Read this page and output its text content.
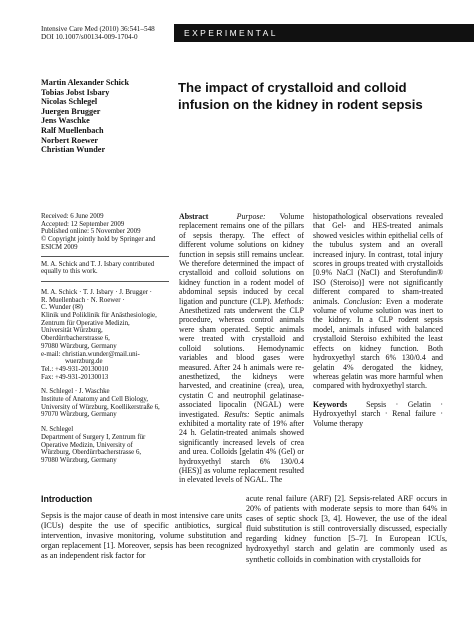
Intensive Care Med (2010) 36:541–548
DOI 10.1007/s00134-009-1704-0	EXPERIMENTAL
Martin Alexander Schick
Tobias Jobst Isbary
Nicolas Schlegel
Juergen Brugger
Jens Waschke
Ralf Muellenbach
Norbert Roewer
Christian Wunder
The impact of crystalloid and colloid infusion on the kidney in rodent sepsis

Received: 6 June 2009
Accepted: 12 September 2009
Published online: 5 November 2009
© Copyright jointly hold by Springer and ESICM 2009

M. A. Schick and T. J. Isbary contributed equally to this work.

M. A. Schick · T. J. Isbary · J. Brugger ·
R. Muellenbach · N. Roewer ·
C. Wunder (✉)
Klinik und Poliklinik für Anästhesiologie,
Zentrum für Operative Medizin,
Universität Würzburg,
Oberdürrbacherstrasse 6,
97080 Würzburg, Germany
e-mail: christian.wunder@mail.uni-
wuerzburg.de
Tel.: +49-931-20130010
Fax: +49-931-20130013

N. Schlegel · J. Waschke
Institute of Anatomy and Cell Biology,
University of Würzburg, Koellikerstraße 6,
97070 Würzburg, Germany

N. Schlegel
Department of Surgery I, Zentrum für
Operative Medizin, University of
Würzburg, Oberdürrbacherstrasse 6,
97080 Würzburg, Germany

Abstract	Purpose: Volume replacement remains one of the pillars of sepsis therapy. The effect of different volume solutions on kidney function in sepsis still remains unclear. We therefore determined the impact of crystalloid and colloid solutions on kidney function in a rodent model of abdominal sepsis induced by cecal ligation and puncture (CLP). Methods: Anesthetized rats underwent the CLP procedure, whereas control animals were sham operated. Septic animals were treated with crystalloid and colloid solutions. Hemodynamic variables and blood gases were measured. After 24 h animals were re-anesthetized, the kidneys were harvested, and creatinine (crea), urea, cystatin C and neutrophil gelatinase-associated lipocalin (NGAL) were investigated. Results: Septic animals exhibited a mortality rate of 19% after 24 h. Gelatin-treated animals showed significantly increased levels of crea and urea. Colloids [gelatin 4% (Gel) or hydroxyethyl starch 6% 130/0.4 (HES)] as volume replacement resulted in elevated levels of NGAL. The

histopathological observations revealed that Gel- and HES-treated animals showed vesicles within epithelial cells of the tubulus system and an overall increased injury. In contrast, total injury scores in groups treated with crystalloids [0.9% NaCl (NaCl) and Sterofundin® ISO (Steroiso)] were not significantly different compared to sham-treated animals. Conclusion: Even a moderate volume of volume solution was inert to the kidney. In a CLP rodent sepsis model, animals infused with balanced crystalloid Steroiso exhibited the least effects on kidney function. Both hydroxyethyl starch 6% 130/0.4 and gelatin 4% derogated the kidney, whereas gelatin was more harmful when compared with hydroxyethyl starch.

Keywords Sepsis · Gelatin · Hydroxyethyl starch · Renal failure · Volume therapy

Introduction
Sepsis is the major cause of death in most intensive care units (ICUs) despite the use of specific antibiotics, surgical intervention, invasive monitoring, volume substitution and organ replacement [1]. Moreover, sepsis has been recognized as an independent risk factor for
acute renal failure (ARF) [2]. Sepsis-related ARF occurs in 20% of patients with moderate sepsis to more than 64% in cases of septic shock [3, 4]. However, the use of the ideal fluid substitution is still controversially discussed, especially regarding kidney function [5–7]. In European ICUs, hydroxyethyl starch and gelatin are commonly used as synthetic colloids in combination with crystalloids for
